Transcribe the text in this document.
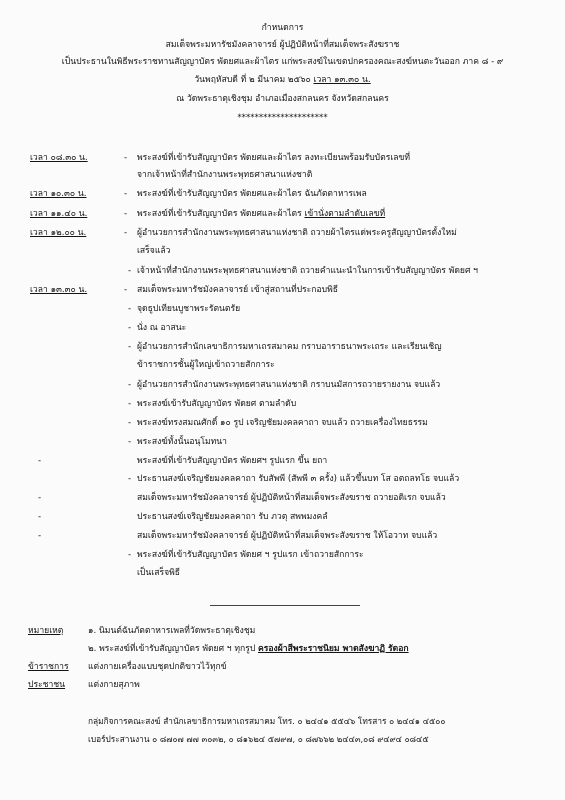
กำหนดการ
สมเด็จพระมหารัชมังคลาจารย์ ผู้ปฏิบัติหน้าที่สมเด็จพระสังฆราช
เป็นประธานในพิธีพระราชทานสัญญาบัตร พัดยศและผ้าไตร แก่พระสงฆ์ในเขตปกครองคณะสงฆ์หนตะวันออก ภาค ๘ - ๙
วันพฤหัสบดี ที่ ๒ มีนาคม ๒๕๖๐ เวลา ๑๓.๓๐ น.
ณ วัดพระธาตุเชิงชุม อำเภอเมืองสกลนคร จังหวัดสกลนคร
*********************
เวลา ๐๘.๓๐ น.	- พระสงฆ์ที่เข้ารับสัญญาบัตร พัดยศและผ้าไตร ลงทะเบียนพร้อมรับบัตรเลขที่
จากเจ้าหน้าที่สำนักงานพระพุทธศาสนาแห่งชาติ
เวลา ๑๐.๓๐ น.	- พระสงฆ์ที่เข้ารับสัญญาบัตร พัดยศและผ้าไตร ฉันภัตตาหารเพล
เวลา ๑๑.๔๐ น.	- พระสงฆ์ที่เข้ารับสัญญาบัตร พัดยศและผ้าไตร เข้านั่งตามลำดับเลขที่
เวลา ๑๒.๐๐ น.	- ผู้อำนวยการสำนักงานพระพุทธศาสนาแห่งชาติ ถวายผ้าไตรแด่พระครูสัญญาบัตรตั้งใหม่
เสร็จแล้ว
- เจ้าหน้าที่สำนักงานพระพุทธศาสนาแห่งชาติ ถวายคำแนะนำในการเข้ารับสัญญาบัตร พัดยศ ฯ
เวลา ๑๓.๓๐ น.	- สมเด็จพระมหารัชมังคลาจารย์ เข้าสู่สถานที่ประกอบพิธี
- จุดธูปเทียนบูชาพระรัตนตรัย
- นั่ง ณ อาสนะ
- ผู้อำนวยการสำนักเลขาธิการมหาเถรสมาคม กราบอาราธนาพระเถระ และเรียนเชิญ
ข้าราชการชั้นผู้ใหญ่เข้าถวายสักการะ
- ผู้อำนวยการสำนักงานพระพุทธศาสนาแห่งชาติ กราบนมัสการถวายรายงาน จบแล้ว
- พระสงฆ์เข้ารับสัญญาบัตร พัดยศ ตามลำดับ
- พระสงฆ์ทรงสมณศักดิ์ ๑๐ รูป เจริญชัยมงคลคาถา จบแล้ว ถวายเครื่องไทยธรรม
- พระสงฆ์ทั้งนั้นอนุโมทนา
-	พระสงฆ์ที่เข้ารับสัญญาบัตร พัดยศฯ รูปแรก ขึ้น ยถา
- ประธานสงฆ์เจริญชัยมงคลคาถา รับสัพพี (สัพพี ๓ ครั้ง) แล้วขึ้นบท โส อตถลทโธ จบแล้ว
-	สมเด็จพระมหารัชมังคลาจารย์ ผู้ปฏิบัติหน้าที่สมเด็จพระสังฆราช ถวายอดิเรก จบแล้ว
-	ประธานสงฆ์เจริญชัยมงคลคาถา รับ ภวตุ สพพมงคลํ
-	สมเด็จพระมหารัชมังคลาจารย์ ผู้ปฏิบัติหน้าที่สมเด็จพระสังฆราช ให้โอวาท จบแล้ว
- พระสงฆ์ที่เข้ารับสัญญาบัตร พัดยศ ฯ รูปแรก เข้าถวายสักการะ
เป็นเสร็จพิธี
หมายเหตุ	๑. นิมนต์ฉันภัตตาหารเพลที่วัดพระธาตุเชิงชุม
๒. พระสงฆ์ที่เข้ารับสัญญาบัตร พัดยศ ฯ ทุกรูป ครองผ้าสีพระราชนิยม พาดสังฆาฏิ รัดอก
ข้าราชการ แต่งกายเครื่องแบบชุดปกติขาวไว้ทุกข์
ประชาชน	แต่งกายสุภาพ
กลุ่มกิจการคณะสงฆ์ สำนักเลขาธิการมหาเถรสมาคม โทร. ๐ ๒๔๔๑ ๕๕๔๖ โทรสาร ๐ ๒๔๔๑ ๔๕๐๐
เบอร์ประสานงาน ๐ ๘๗๐๗ ๗๗ ๓๐๓๒, ๐ ๘๑๖๒๔ ๕๗๙๗, ๐ ๘๗๖๖๒ ๒๔๔๓,๐๘ ๙๔๙๔ ๐๘๔๕
